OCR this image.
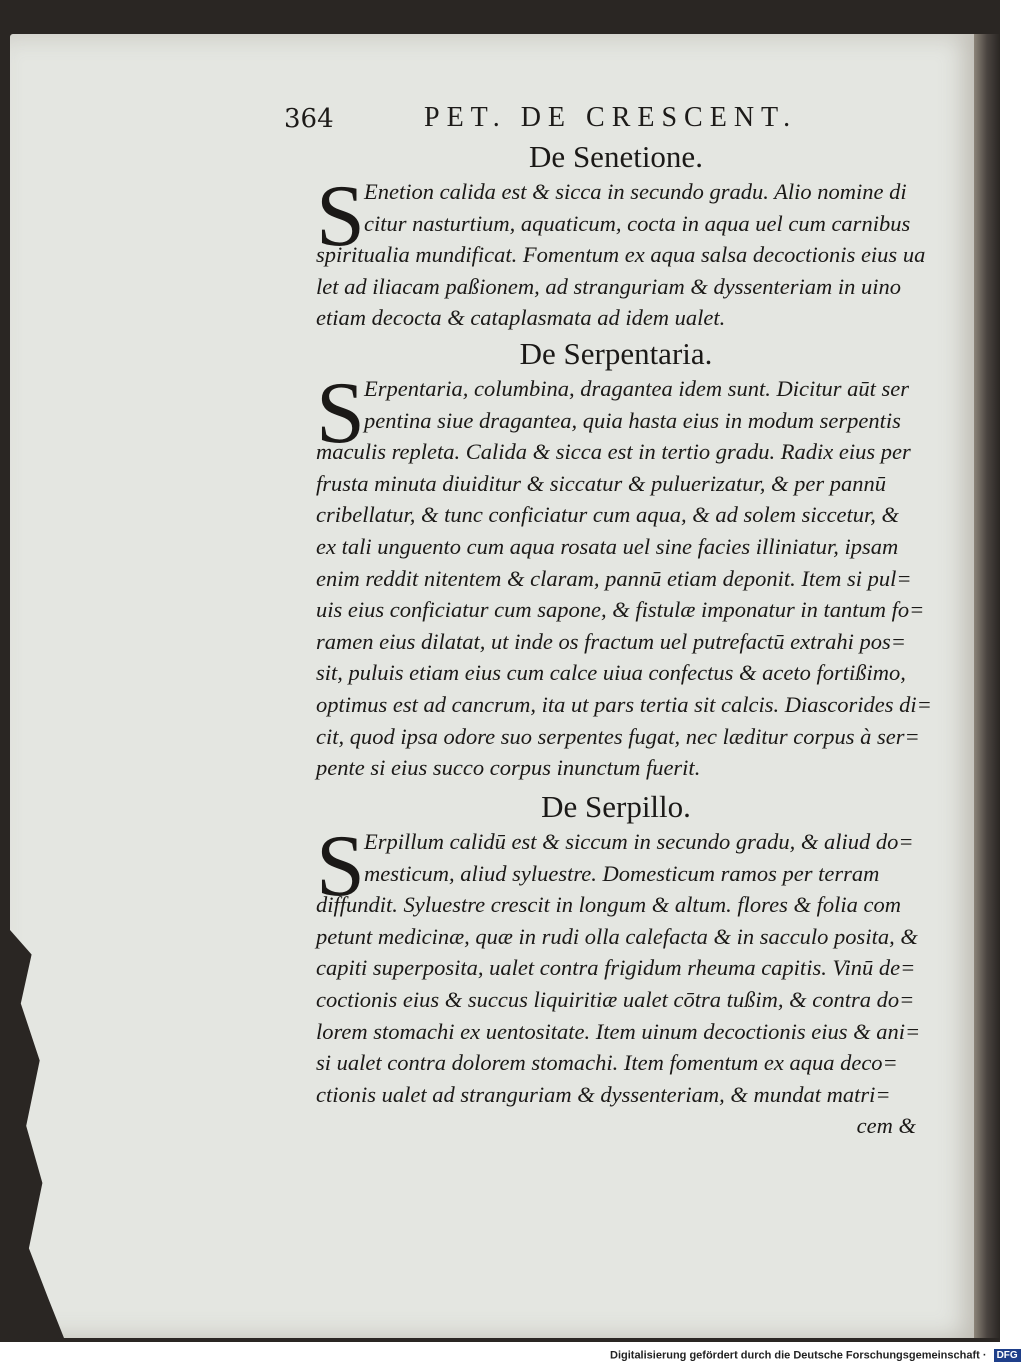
364	PET. DE CRESCENT.
De Senetione.
S Enetion calida est & sicca in secundo gradu. Alio nomine di
citur nasturtium, aquaticum, cocta in aqua uel cum carnibus
spiritualia mundificat. Fomentum ex aqua salsa decoctionis eius ua
let ad iliacam paßionem, ad stranguriam & dyssenteriam in uino
etiam decocta & cataplasmata ad idem ualet.
De Serpentaria.
S Erpentaria, columbina, dragantea idem sunt. Dicitur aūt ser
pentina siue dragantea, quia hasta eius in modum serpentis
maculis repleta. Calida & sicca est in tertio gradu. Radix eius per
frusta minuta diuiditur & siccatur & puluerizatur, & per pannū
cribellatur, & tunc conficiatur cum aqua, & ad solem siccetur, &
ex tali unguento cum aqua rosata uel sine facies illiniatur, ipsam
enim reddit nitentem & claram, pannū etiam deponit. Item si pul=
uis eius conficiatur cum sapone, & fistulæ imponatur in tantum fo=
ramen eius dilatat, ut inde os fractum uel putrefactū extrahi pos=
sit, puluis etiam eius cum calce uiua confectus & aceto fortißimo,
optimus est ad cancrum, ita ut pars tertia sit calcis. Diascorides di=
cit, quod ipsa odore suo serpentes fugat, nec læditur corpus à ser=
pente si eius succo corpus inunctum fuerit.
De Serpillo.
S Erpillum calidū est & siccum in secundo gradu, & aliud do=
mesticum, aliud syluestre. Domesticum ramos per terram
diffundit. Syluestre crescit in longum & altum. flores & folia com
petunt medicinæ, quæ in rudi olla calefacta & in sacculo posita, &
capiti superposita, ualet contra frigidum rheuma capitis. Vinū de=
coctionis eius & succus liquiritiæ ualet cōtra tußim, & contra do=
lorem stomachi ex uentositate. Item uinum decoctionis eius & ani=
si ualet contra dolorem stomachi. Item fomentum ex aqua deco=
ctionis ualet ad stranguriam & dyssenteriam, & mundat matri=
cem &
Digitalisierung gefördert durch die Deutsche Forschungsgemeinschaft · DFG
